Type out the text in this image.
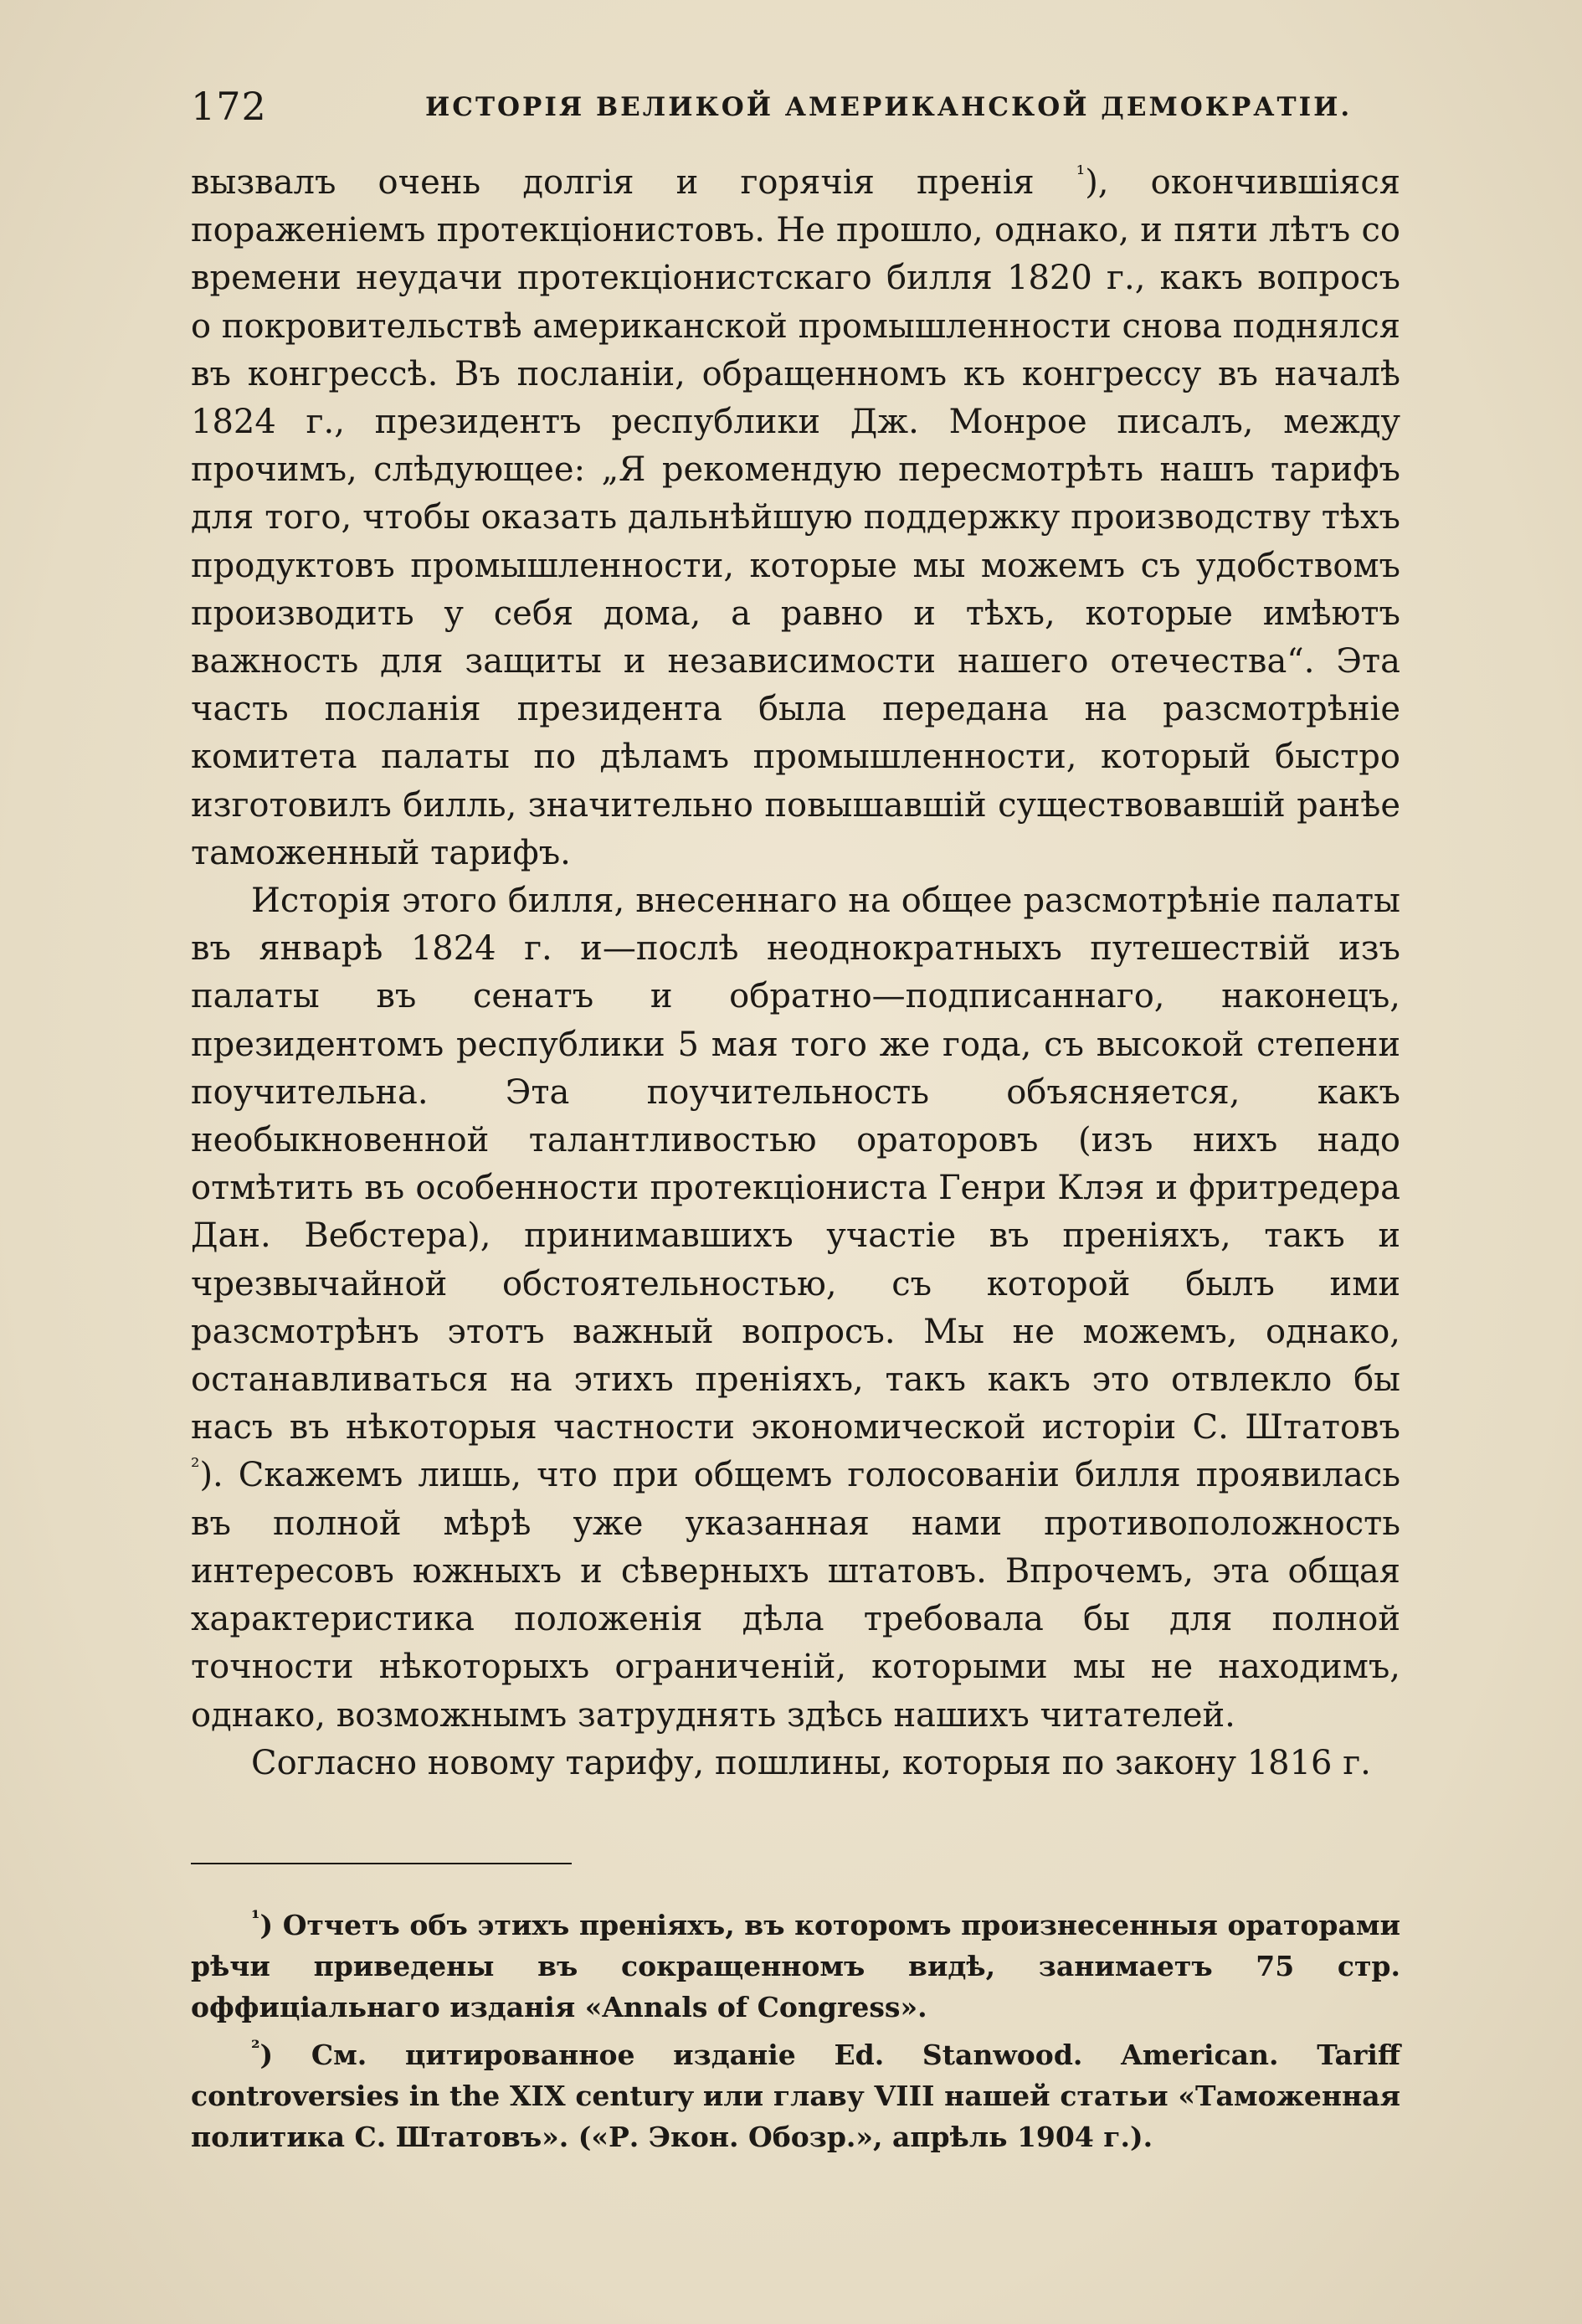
172	ИСТОРІЯ ВЕЛИКОЙ АМЕРИКАНСКОЙ ДЕМОКРАТІИ.

вызвалъ очень долгія и горячія пренія $^{^1}$), окончившіяся пораженіемъ протекціонистовъ. Не прошло, однако, и пяти лѣтъ со времени неудачи протекціонистскаго билля 1820 г., какъ вопросъ о покровительствѣ американской промышленности снова поднялся въ конгрессѣ. Въ посланіи, обращенномъ къ конгрессу въ началѣ 1824 г., президентъ республики Дж. Монрое писалъ, между прочимъ, слѣдующее: „Я рекомендую пересмотрѣть нашъ тарифъ для того, чтобы оказать дальнѣйшую поддержку производству тѣхъ продуктовъ промышленности, которые мы можемъ съ удобствомъ производить у себя дома, а равно и тѣхъ, которые имѣютъ важность для защиты и независимости нашего отечества“. Эта часть посланія президента была передана на разсмотрѣніе комитета палаты по дѣламъ промышленности, который быстро изготовилъ билль, значительно повышавшій существовавшій ранѣе таможенный тарифъ.

Исторія этого билля, внесеннаго на общее разсмотрѣніе палаты въ январѣ 1824 г. и—послѣ неоднократныхъ путешествій изъ палаты въ сенатъ и обратно—подписаннаго, наконецъ, президентомъ республики 5 мая того же года, съ высокой степени поучительна. Эта поучительность объясняется, какъ необыкновенной талантливостью ораторовъ (изъ нихъ надо отмѣтить въ особенности протекціониста Генри Клэя и фритредера Дан. Вебстера), принимавшихъ участіе въ преніяхъ, такъ и чрезвычайной обстоятельностью, съ которой былъ ими разсмотрѣнъ этотъ важный вопросъ. Мы не можемъ, однако, останавливаться на этихъ преніяхъ, такъ какъ это отвлекло бы насъ въ нѣкоторыя частности экономической исторіи С. Штатовъ $^{^2}$). Скажемъ лишь, что при общемъ голосованіи билля проявилась въ полной мѣрѣ уже указанная нами противоположность интересовъ южныхъ и сѣверныхъ штатовъ. Впрочемъ, эта общая характеристика положенія дѣла требовала бы для полной точности нѣкоторыхъ ограниченій, которыми мы не находимъ, однако, возможнымъ затруднять здѣсь нашихъ читателей.

Согласно новому тарифу, пошлины, которыя по закону 1816 г.

$^{^1}$) Отчетъ объ этихъ преніяхъ, въ которомъ произнесенныя ораторами рѣчи приведены въ сокращенномъ видѣ, занимаетъ 75 стр. оффиціальнаго изданія «Annals of Congress».

$^{^2}$) См. цитированное изданіе Ed. Stanwood. American. Tariff controversies in the XIX century или главу VIII нашей статьи «Таможенная политика С. Штатовъ». («Р. Экон. Обозр.», апрѣль 1904 г.).
